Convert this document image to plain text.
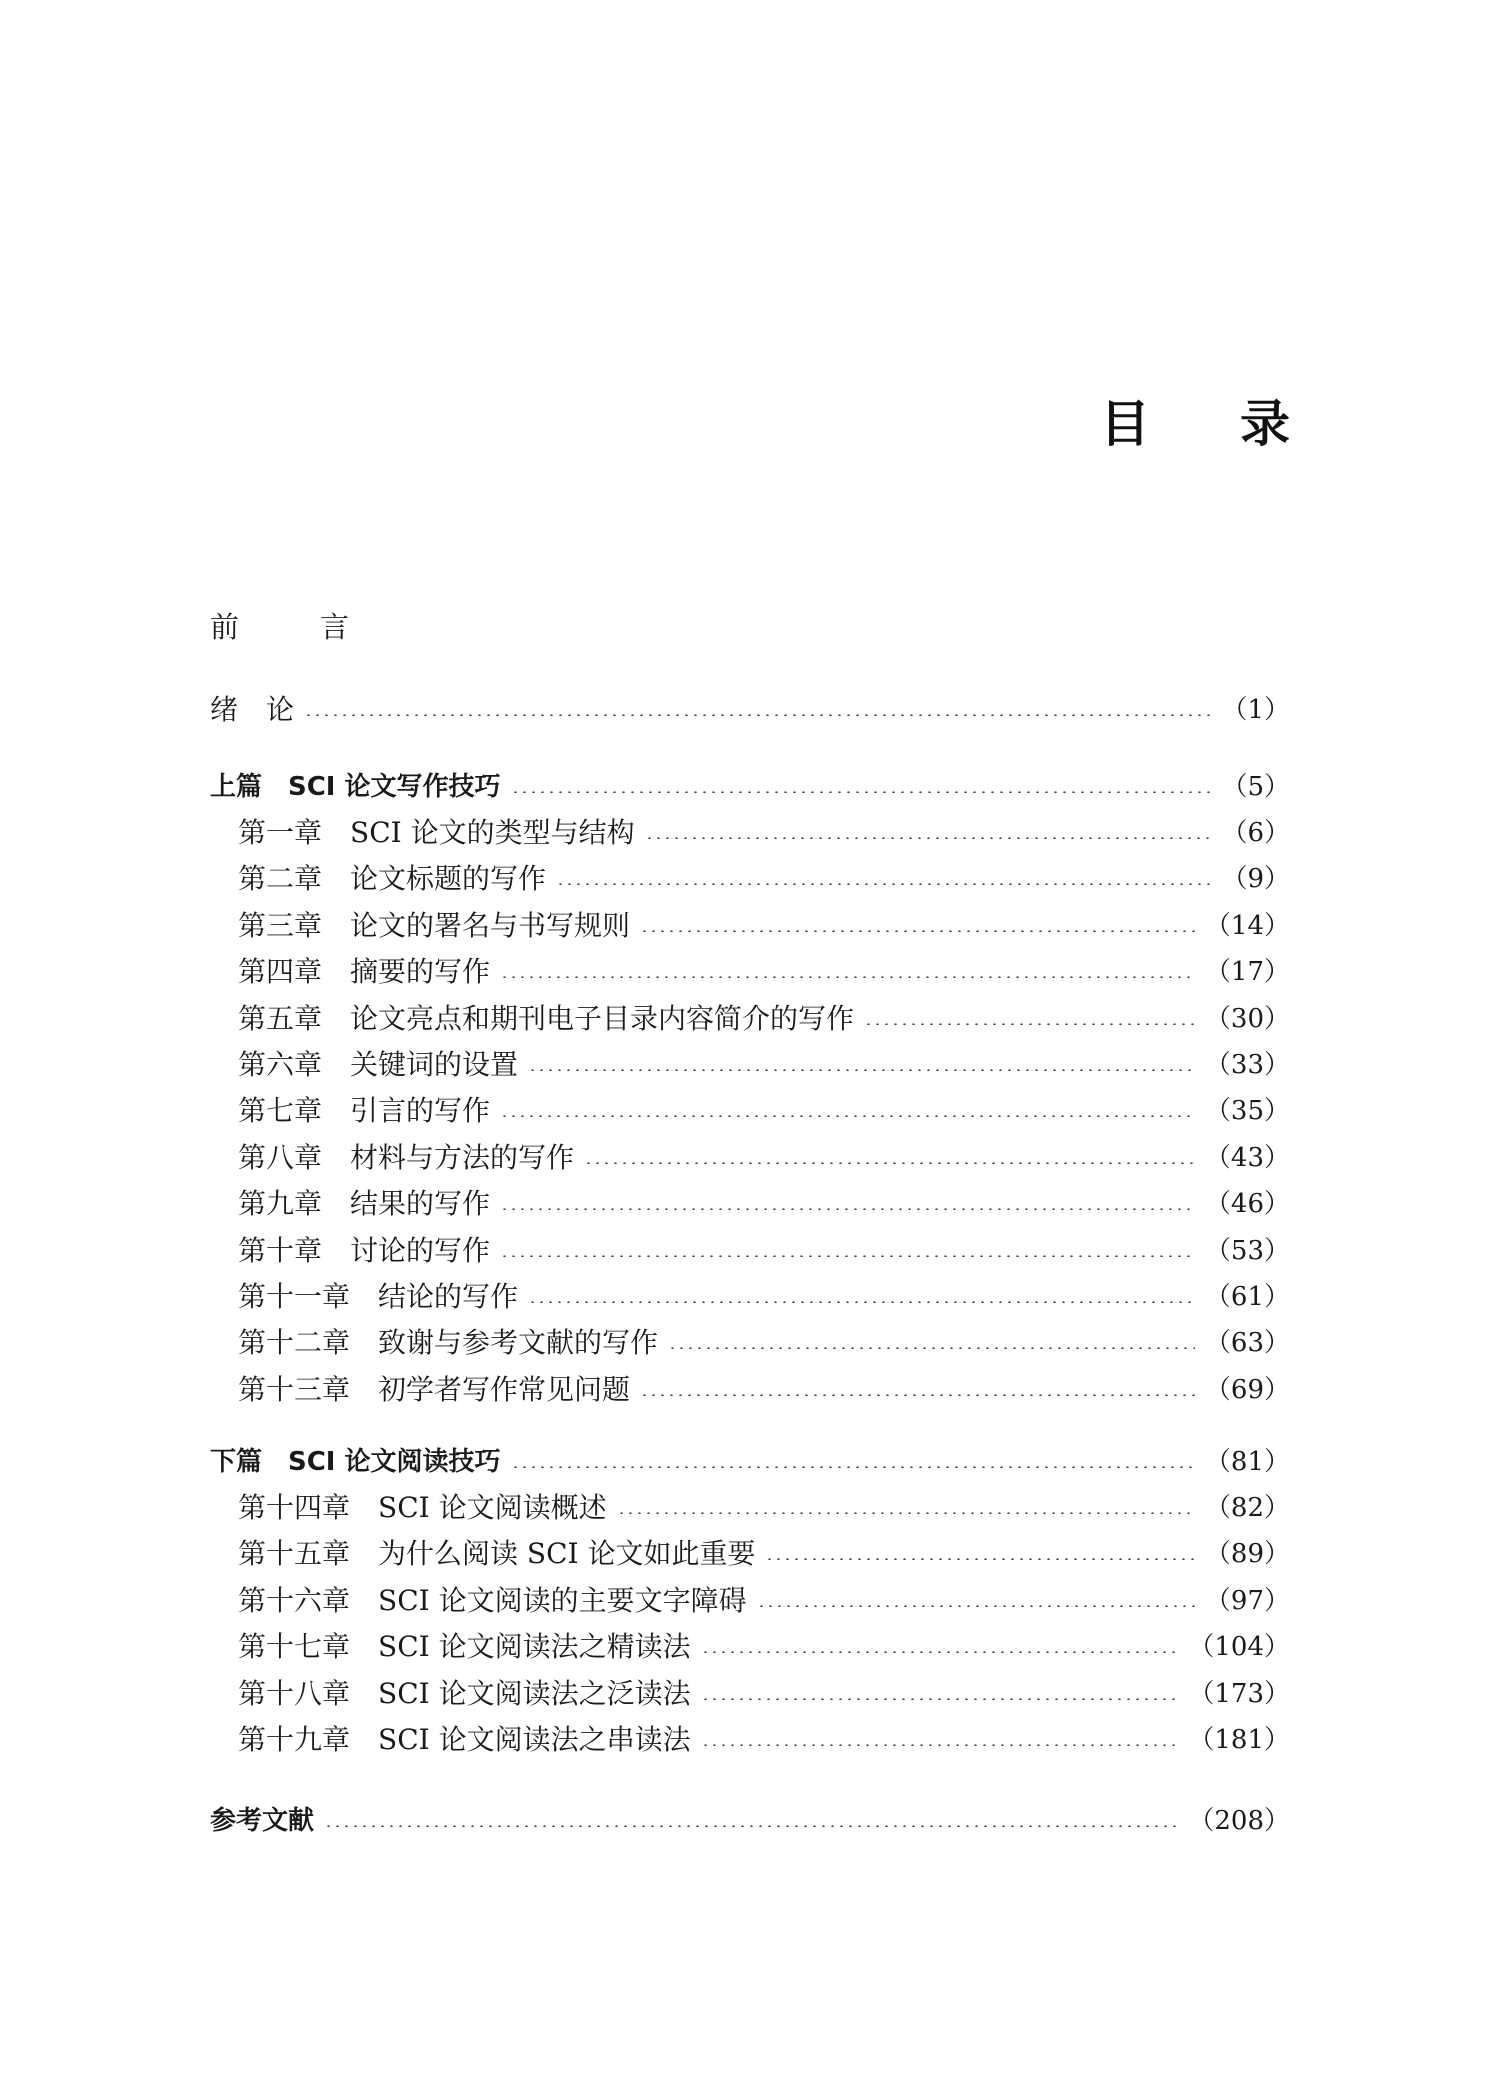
目 录
前　言
绪　论	（1）
上篇　SCI 论文写作技巧	（5）
第一章 SCI 论文的类型与结构	（6）
第二章 论文标题的写作	（9）
第三章 论文的署名与书写规则	（14）
第四章 摘要的写作	（17）
第五章 论文亮点和期刊电子目录内容简介的写作	（30）
第六章 关键词的设置	（33）
第七章 引言的写作	（35）
第八章 材料与方法的写作	（43）
第九章 结果的写作	（46）
第十章 讨论的写作	（53）
第十一章 结论的写作	（61）
第十二章 致谢与参考文献的写作	（63）
第十三章 初学者写作常见问题	（69）
下篇　SCI 论文阅读技巧	（81）
第十四章 SCI 论文阅读概述	（82）
第十五章 为什么阅读 SCI 论文如此重要	（89）
第十六章 SCI 论文阅读的主要文字障碍	（97）
第十七章 SCI 论文阅读法之精读法	（104）
第十八章 SCI 论文阅读法之泛读法	（173）
第十九章 SCI 论文阅读法之串读法	（181）
参考文献	（208）
